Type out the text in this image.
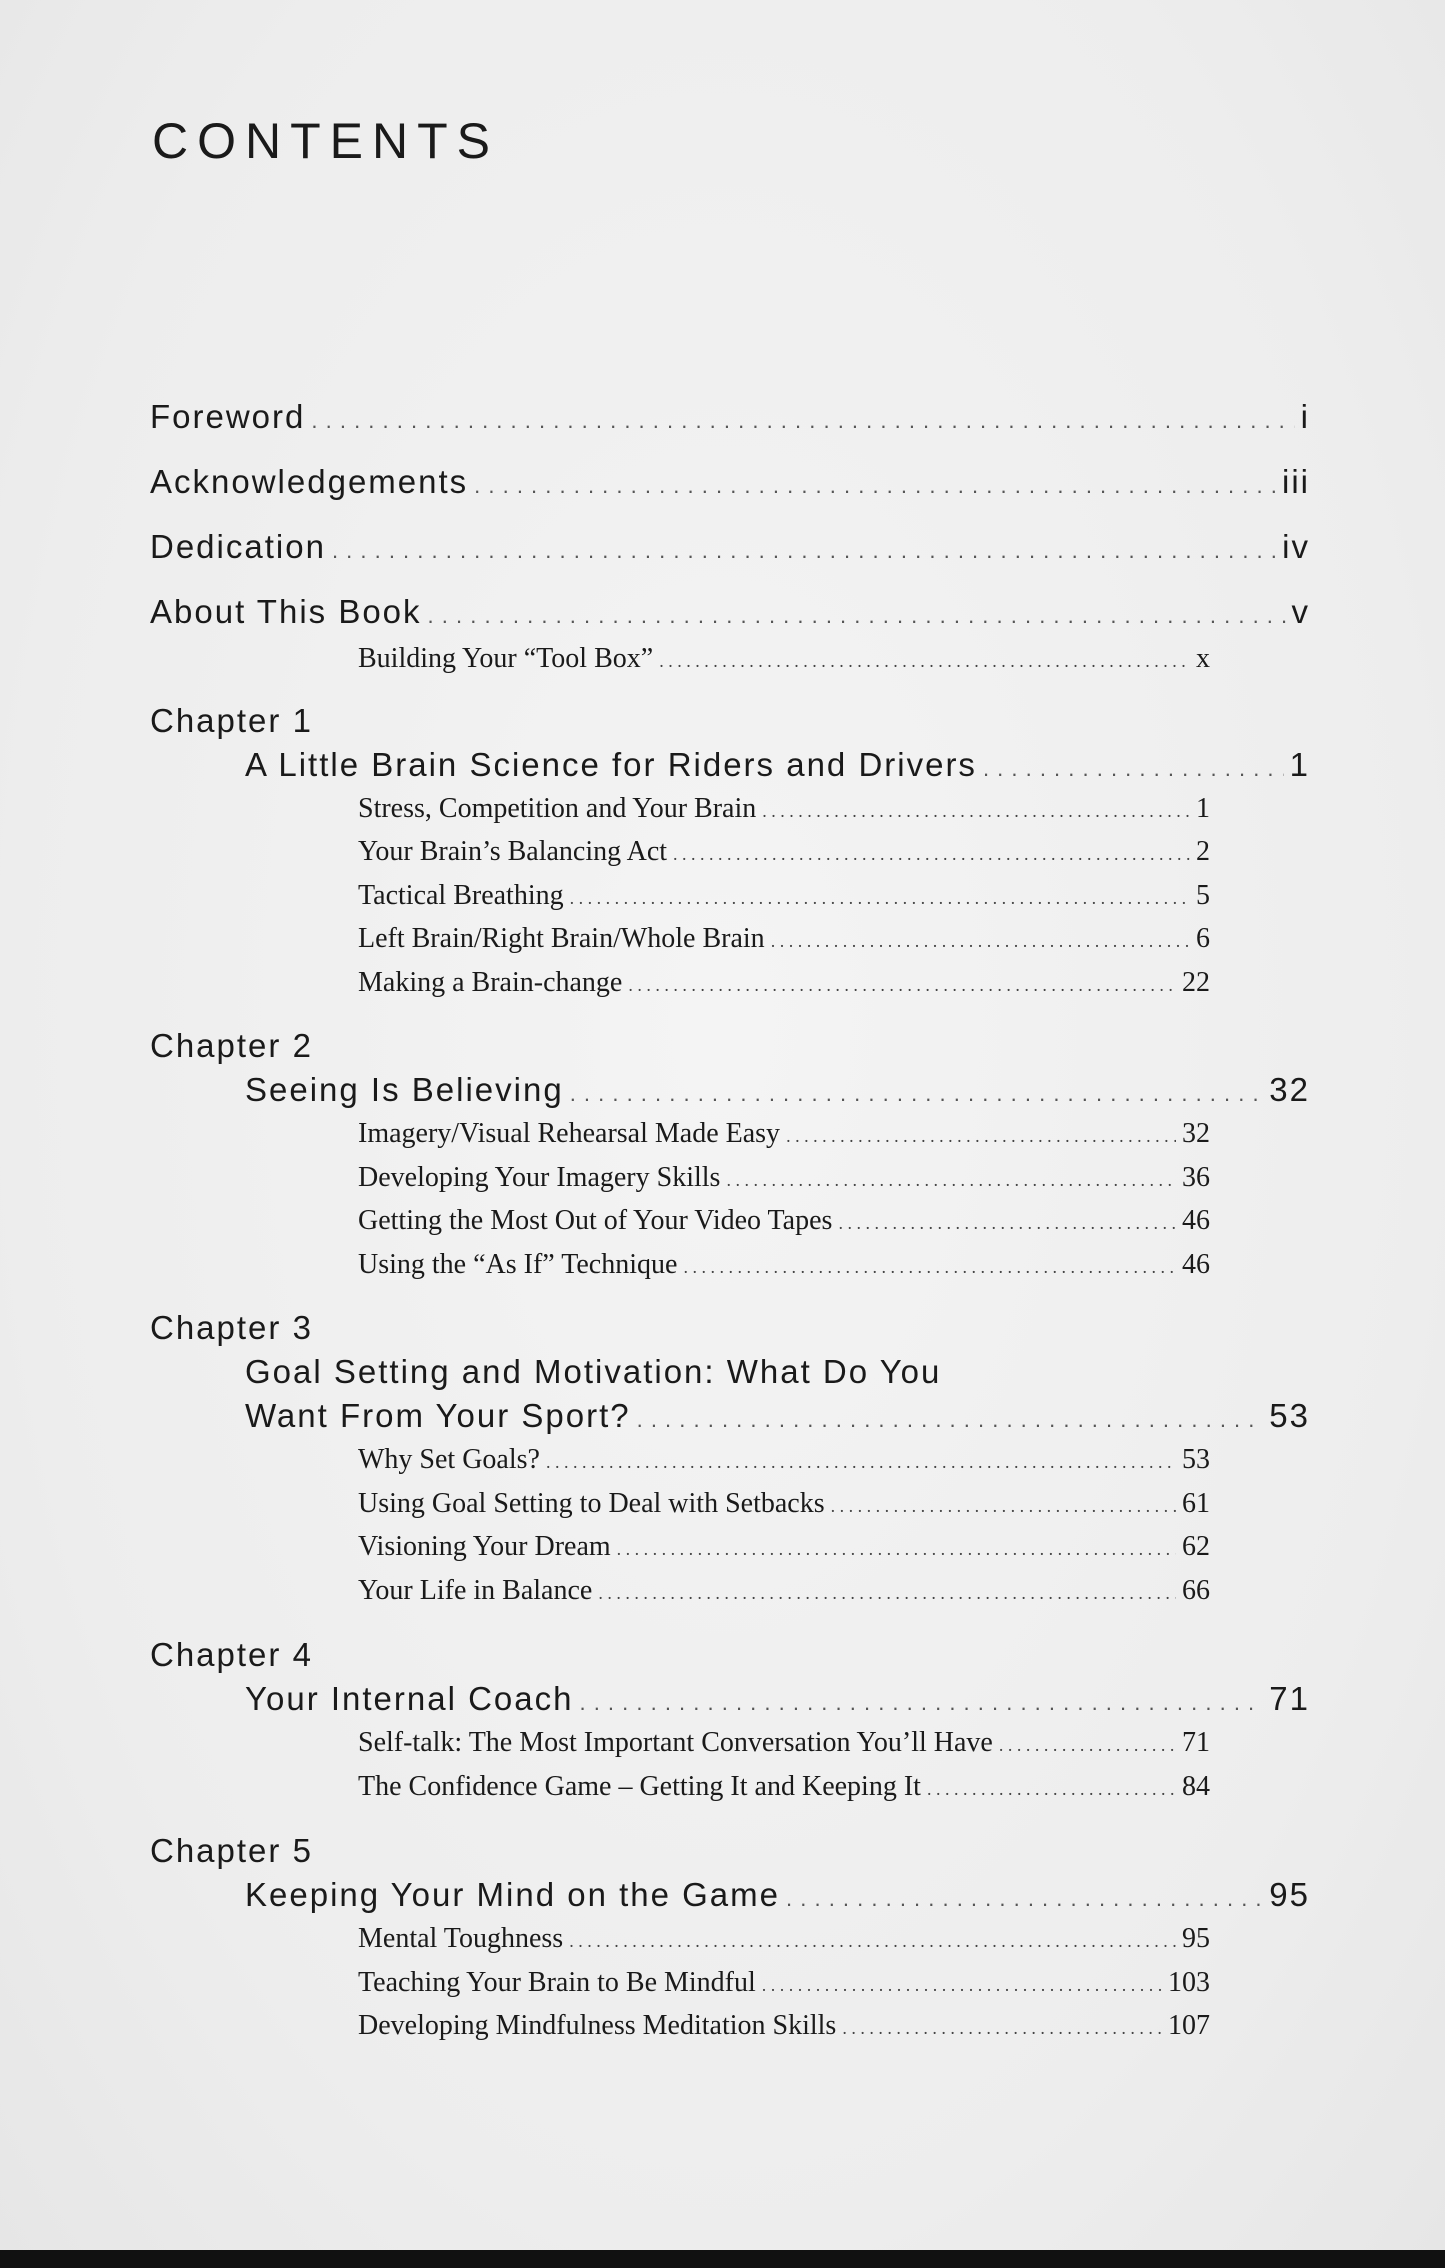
CONTENTS
Foreword . . .	i
Acknowledgements . . .	iii
Dedication . . .	iv
About This Book . . .	v
Building Your “Tool Box” . . .	x
Chapter 1
A Little Brain Science for Riders and Drivers . . .	1
Stress, Competition and Your Brain . . .	1
Your Brain’s Balancing Act . . .	2
Tactical Breathing . . .	5
Left Brain/Right Brain/Whole Brain . . .	6
Making a Brain-change . . .	22
Chapter 2
Seeing Is Believing . . .	32
Imagery/Visual Rehearsal Made Easy . . .	32
Developing Your Imagery Skills . . .	36
Getting the Most Out of Your Video Tapes . . .	46
Using the “As If” Technique . . .	46
Chapter 3
Goal Setting and Motivation: What Do You
Want From Your Sport? . . .	53
Why Set Goals? . . .	53
Using Goal Setting to Deal with Setbacks . . .	61
Visioning Your Dream . . .	62
Your Life in Balance . . .	66
Chapter 4
Your Internal Coach . . .	71
Self-talk: The Most Important Conversation You’ll Have . . .	71
The Confidence Game – Getting It and Keeping It . . .	84
Chapter 5
Keeping Your Mind on the Game . . .	95
Mental Toughness . . .	95
Teaching Your Brain to Be Mindful . . .	103
Developing Mindfulness Meditation Skills . . .	107
